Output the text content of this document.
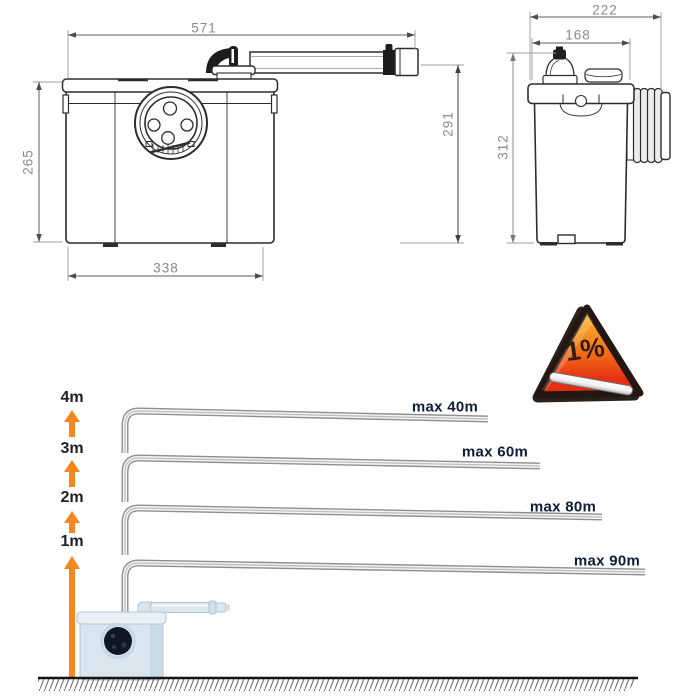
571
265
338
291
222
168
312
1%
4m
3m
2m
1m
max 40m
max 60m
max 80m
max 90m
